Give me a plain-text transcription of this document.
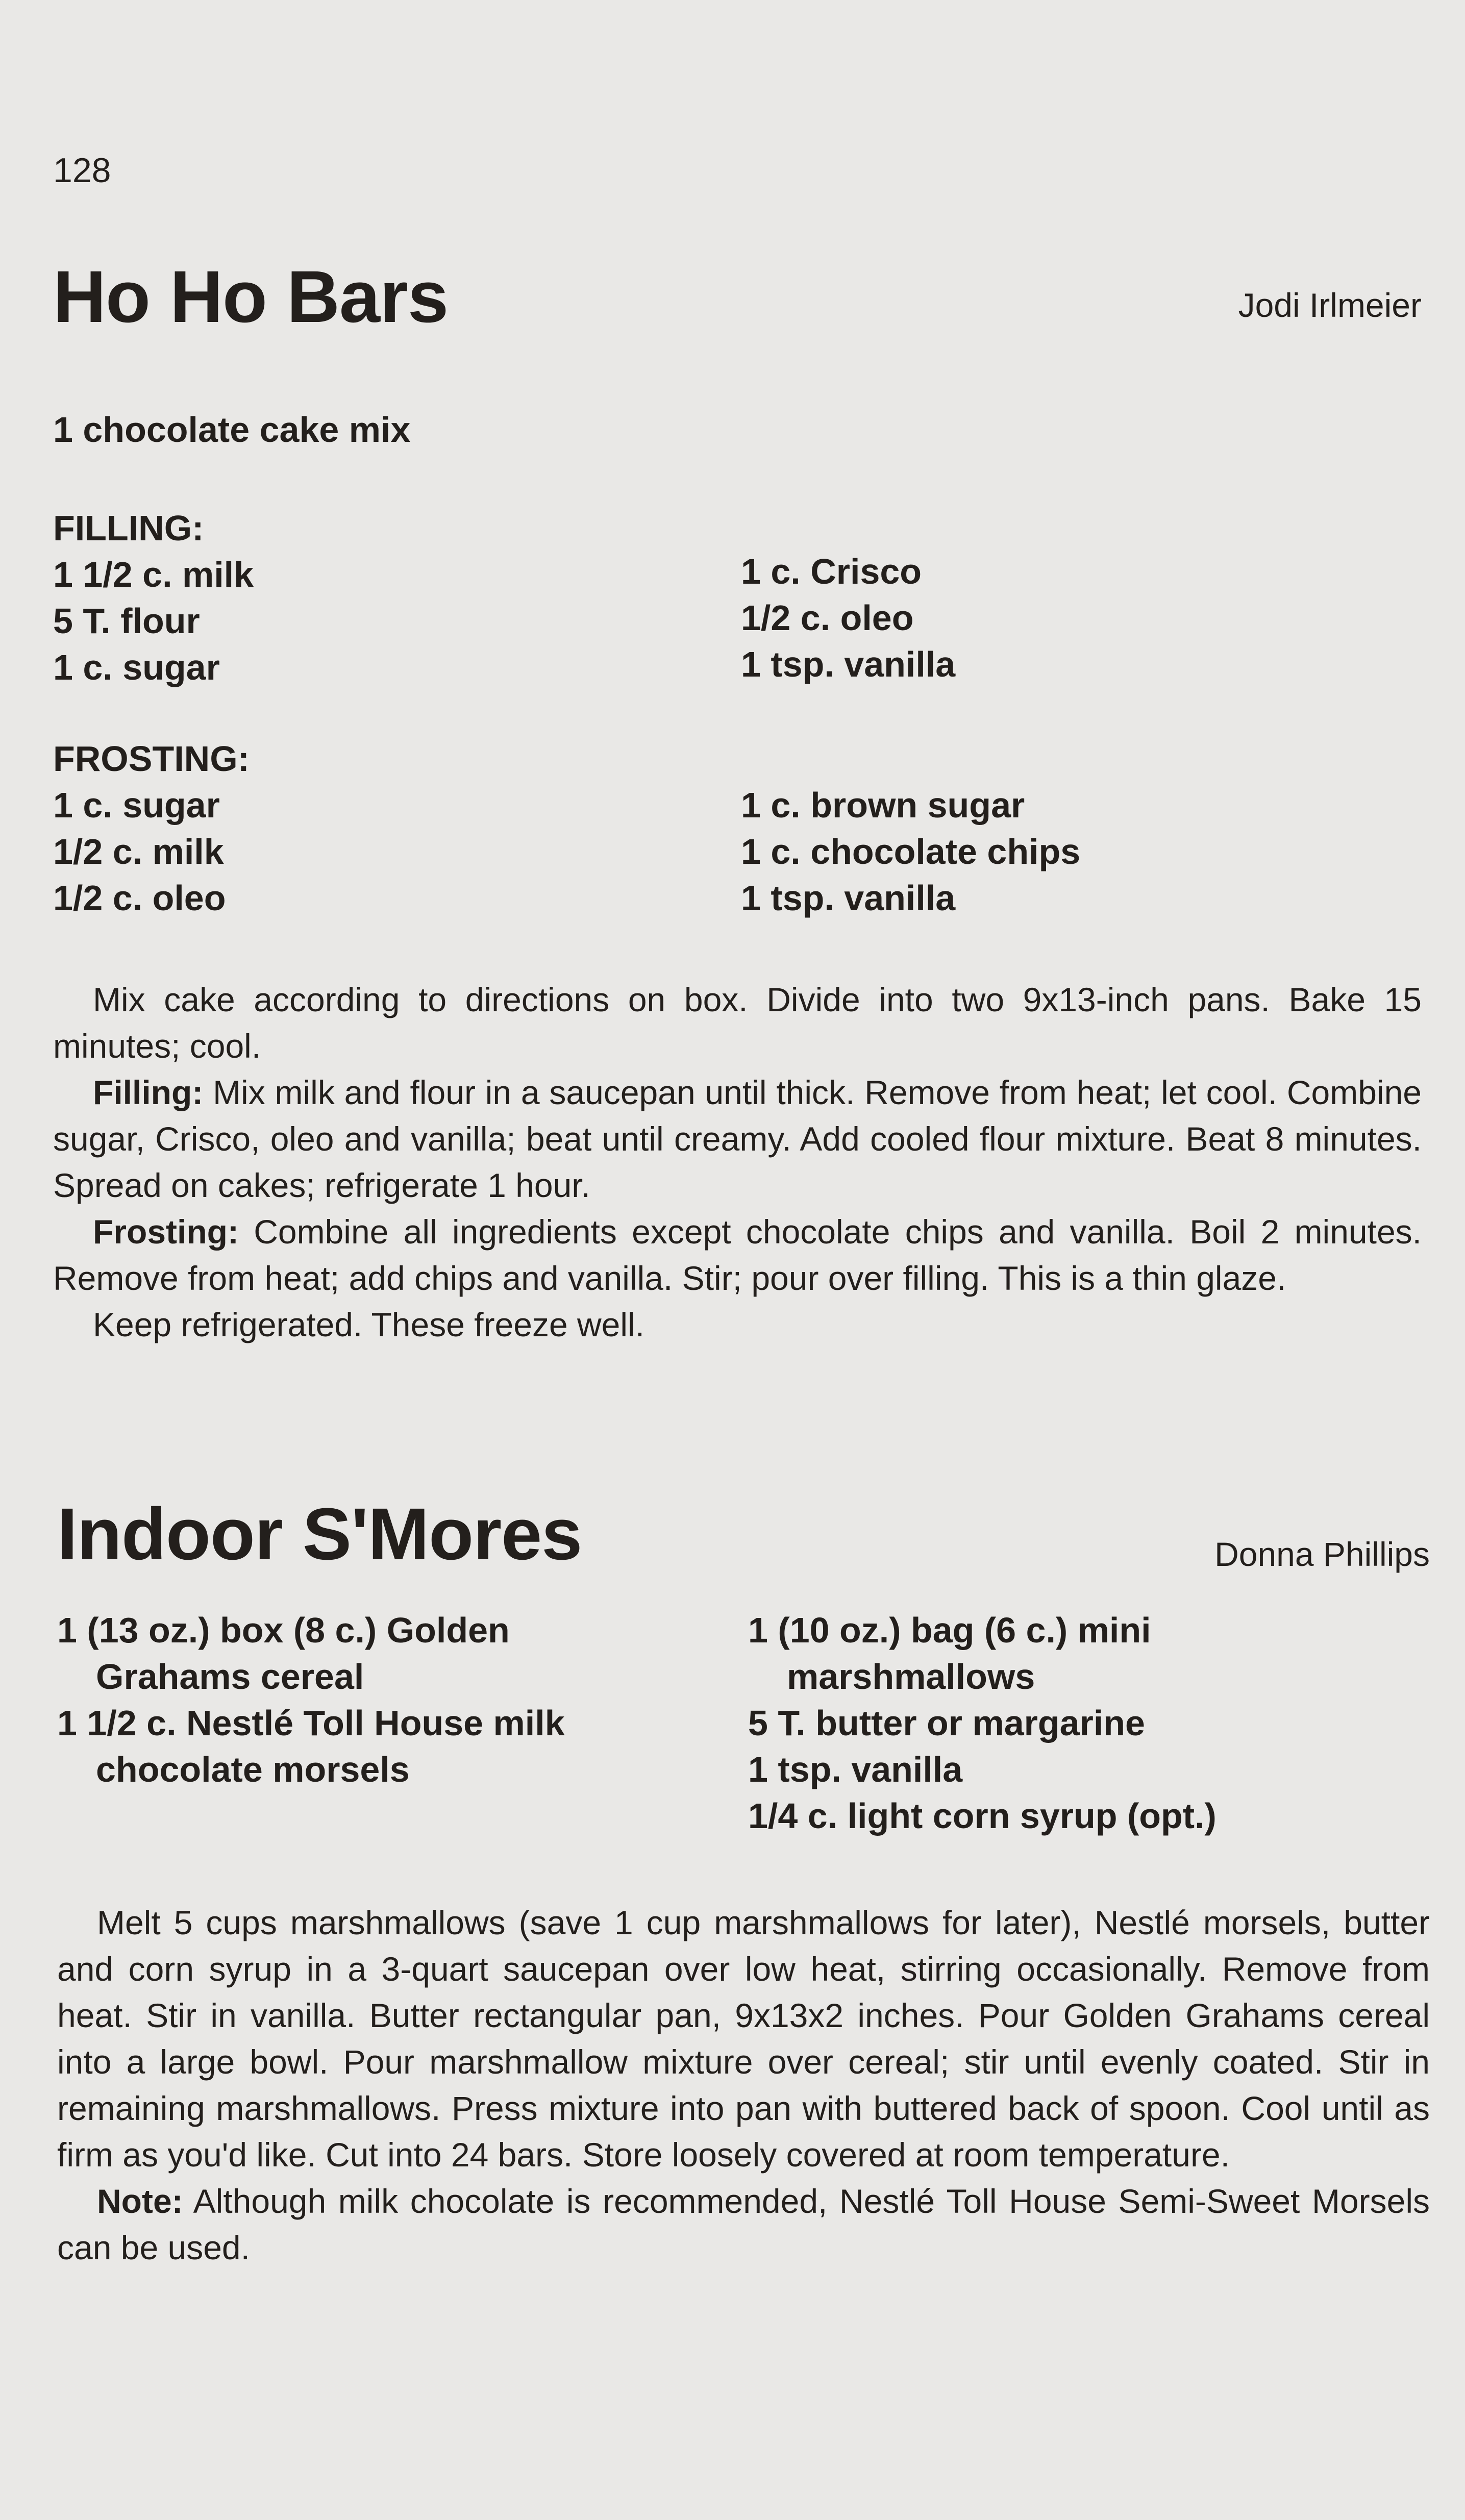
128
Ho Ho Bars	Jodi Irlmeier
1 chocolate cake mix
FILLING:
1 1/2 c. milk
5 T. flour
1 c. sugar
1 c. Crisco
1/2 c. oleo
1 tsp. vanilla
FROSTING:
1 c. sugar
1/2 c. milk
1/2 c. oleo
1 c. brown sugar
1 c. chocolate chips
1 tsp. vanilla

Mix cake according to directions on box. Divide into two 9x13-inch pans. Bake 15 minutes; cool.

Filling: Mix milk and flour in a saucepan until thick. Remove from heat; let cool. Combine sugar, Crisco, oleo and vanilla; beat until creamy. Add cooled flour mixture. Beat 8 minutes. Spread on cakes; refrigerate 1 hour.

Frosting: Combine all ingredients except chocolate chips and vanilla. Boil 2 minutes. Remove from heat; add chips and vanilla. Stir; pour over filling. This is a thin glaze.

Keep refrigerated. These freeze well.

Indoor S'Mores	Donna Phillips
1 (13 oz.) box (8 c.) Golden Grahams cereal
1 1/2 c. Nestlé Toll House milk chocolate morsels
1 (10 oz.) bag (6 c.) mini marshmallows
5 T. butter or margarine
1 tsp. vanilla
1/4 c. light corn syrup (opt.)

Melt 5 cups marshmallows (save 1 cup marshmallows for later), Nestlé morsels, butter and corn syrup in a 3-quart saucepan over low heat, stirring occasionally. Remove from heat. Stir in vanilla. Butter rectangular pan, 9x13x2 inches. Pour Golden Grahams cereal into a large bowl. Pour marshmallow mixture over cereal; stir until evenly coated. Stir in remaining marshmallows. Press mixture into pan with buttered back of spoon. Cool until as firm as you'd like. Cut into 24 bars. Store loosely covered at room temperature.

Note: Although milk chocolate is recommended, Nestlé Toll House Semi-Sweet Morsels can be used.
